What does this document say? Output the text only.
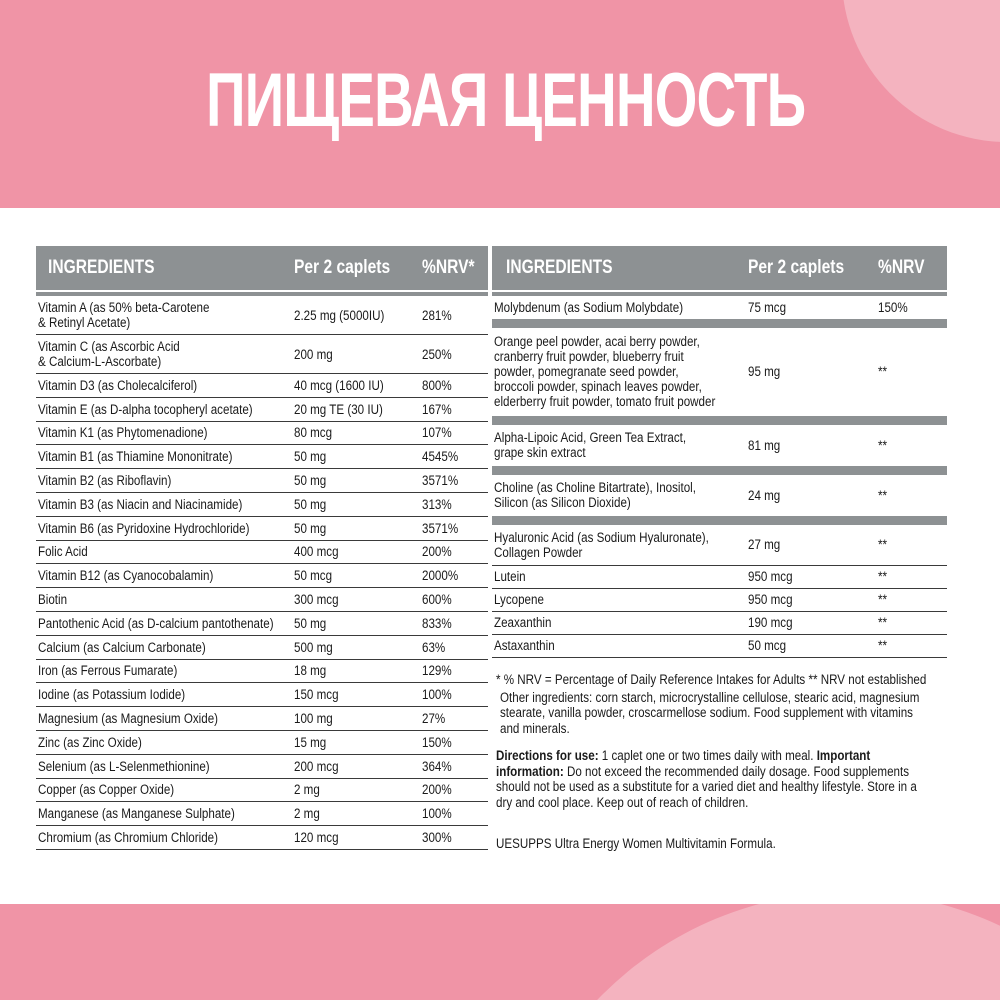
ПИЩЕВАЯ ЦЕННОСТЬ
INGREDIENTS	Per 2 caplets	%NRV*
Vitamin A (as 50% beta-Carotene
& Retinyl Acetate)	2.25 mg (5000IU)	281%
Vitamin C (as Ascorbic Acid
& Calcium-L-Ascorbate)	200 mg	250%
Vitamin D3 (as Cholecalciferol)	40 mcg (1600 IU)	800%
Vitamin E (as D-alpha tocopheryl acetate)	20 mg TE (30 IU)	167%
Vitamin K1 (as Phytomenadione)	80 mcg	107%
Vitamin B1 (as Thiamine Mononitrate)	50 mg	4545%
Vitamin B2 (as Riboflavin)	50 mg	3571%
Vitamin B3 (as Niacin and Niacinamide)	50 mg	313%
Vitamin B6 (as Pyridoxine Hydrochloride)	50 mg	3571%
Folic Acid	400 mcg	200%
Vitamin B12 (as Cyanocobalamin)	50 mcg	2000%
Biotin	300 mcg	600%
Pantothenic Acid (as D-calcium pantothenate) 50 mg	833%
Calcium (as Calcium Carbonate)	500 mg	63%
Iron (as Ferrous Fumarate)	18 mg	129%
Iodine (as Potassium Iodide)	150 mcg	100%
Magnesium (as Magnesium Oxide)	100 mg	27%
Zinc (as Zinc Oxide)	15 mg	150%
Selenium (as L-Selenmethionine)	200 mcg	364%
Copper (as Copper Oxide)	2 mg	200%
Manganese (as Manganese Sulphate)	2 mg	100%
Chromium (as Chromium Chloride)	120 mcg	300%
INGREDIENTS	Per 2 caplets	%NRV
Molybdenum (as Sodium Molybdate)	75 mcg	150%
Orange peel powder, acai berry powder,
cranberry fruit powder, blueberry fruit
powder, pomegranate seed powder,
broccoli powder, spinach leaves powder,
elderberry fruit powder, tomato fruit powder
95 mg	**
Alpha-Lipoic Acid, Green Tea Extract,
grape skin extract	81 mg	**
Choline (as Choline Bitartrate), Inositol,
Silicon (as Silicon Dioxide)	24 mg	**
Hyaluronic Acid (as Sodium Hyaluronate),
Collagen Powder	27 mg	**
Lutein	950 mcg	**
Lycopene	950 mcg	**
Zeaxanthin	190 mcg	**
Astaxanthin	50 mcg	**
* % NRV = Percentage of Daily Reference Intakes for Adults ** NRV not established
Other ingredients: corn starch, microcrystalline cellulose, stearic acid, magnesium
stearate, vanilla powder, croscarmellose sodium. Food supplement with vitamins
and minerals.
Directions for use: 1 caplet one or two times daily with meal. Important
information: Do not exceed the recommended daily dosage. Food supplements
should not be used as a substitute for a varied diet and healthy lifestyle. Store in a
dry and cool place. Keep out of reach of children.
UESUPPS Ultra Energy Women Multivitamin Formula.
